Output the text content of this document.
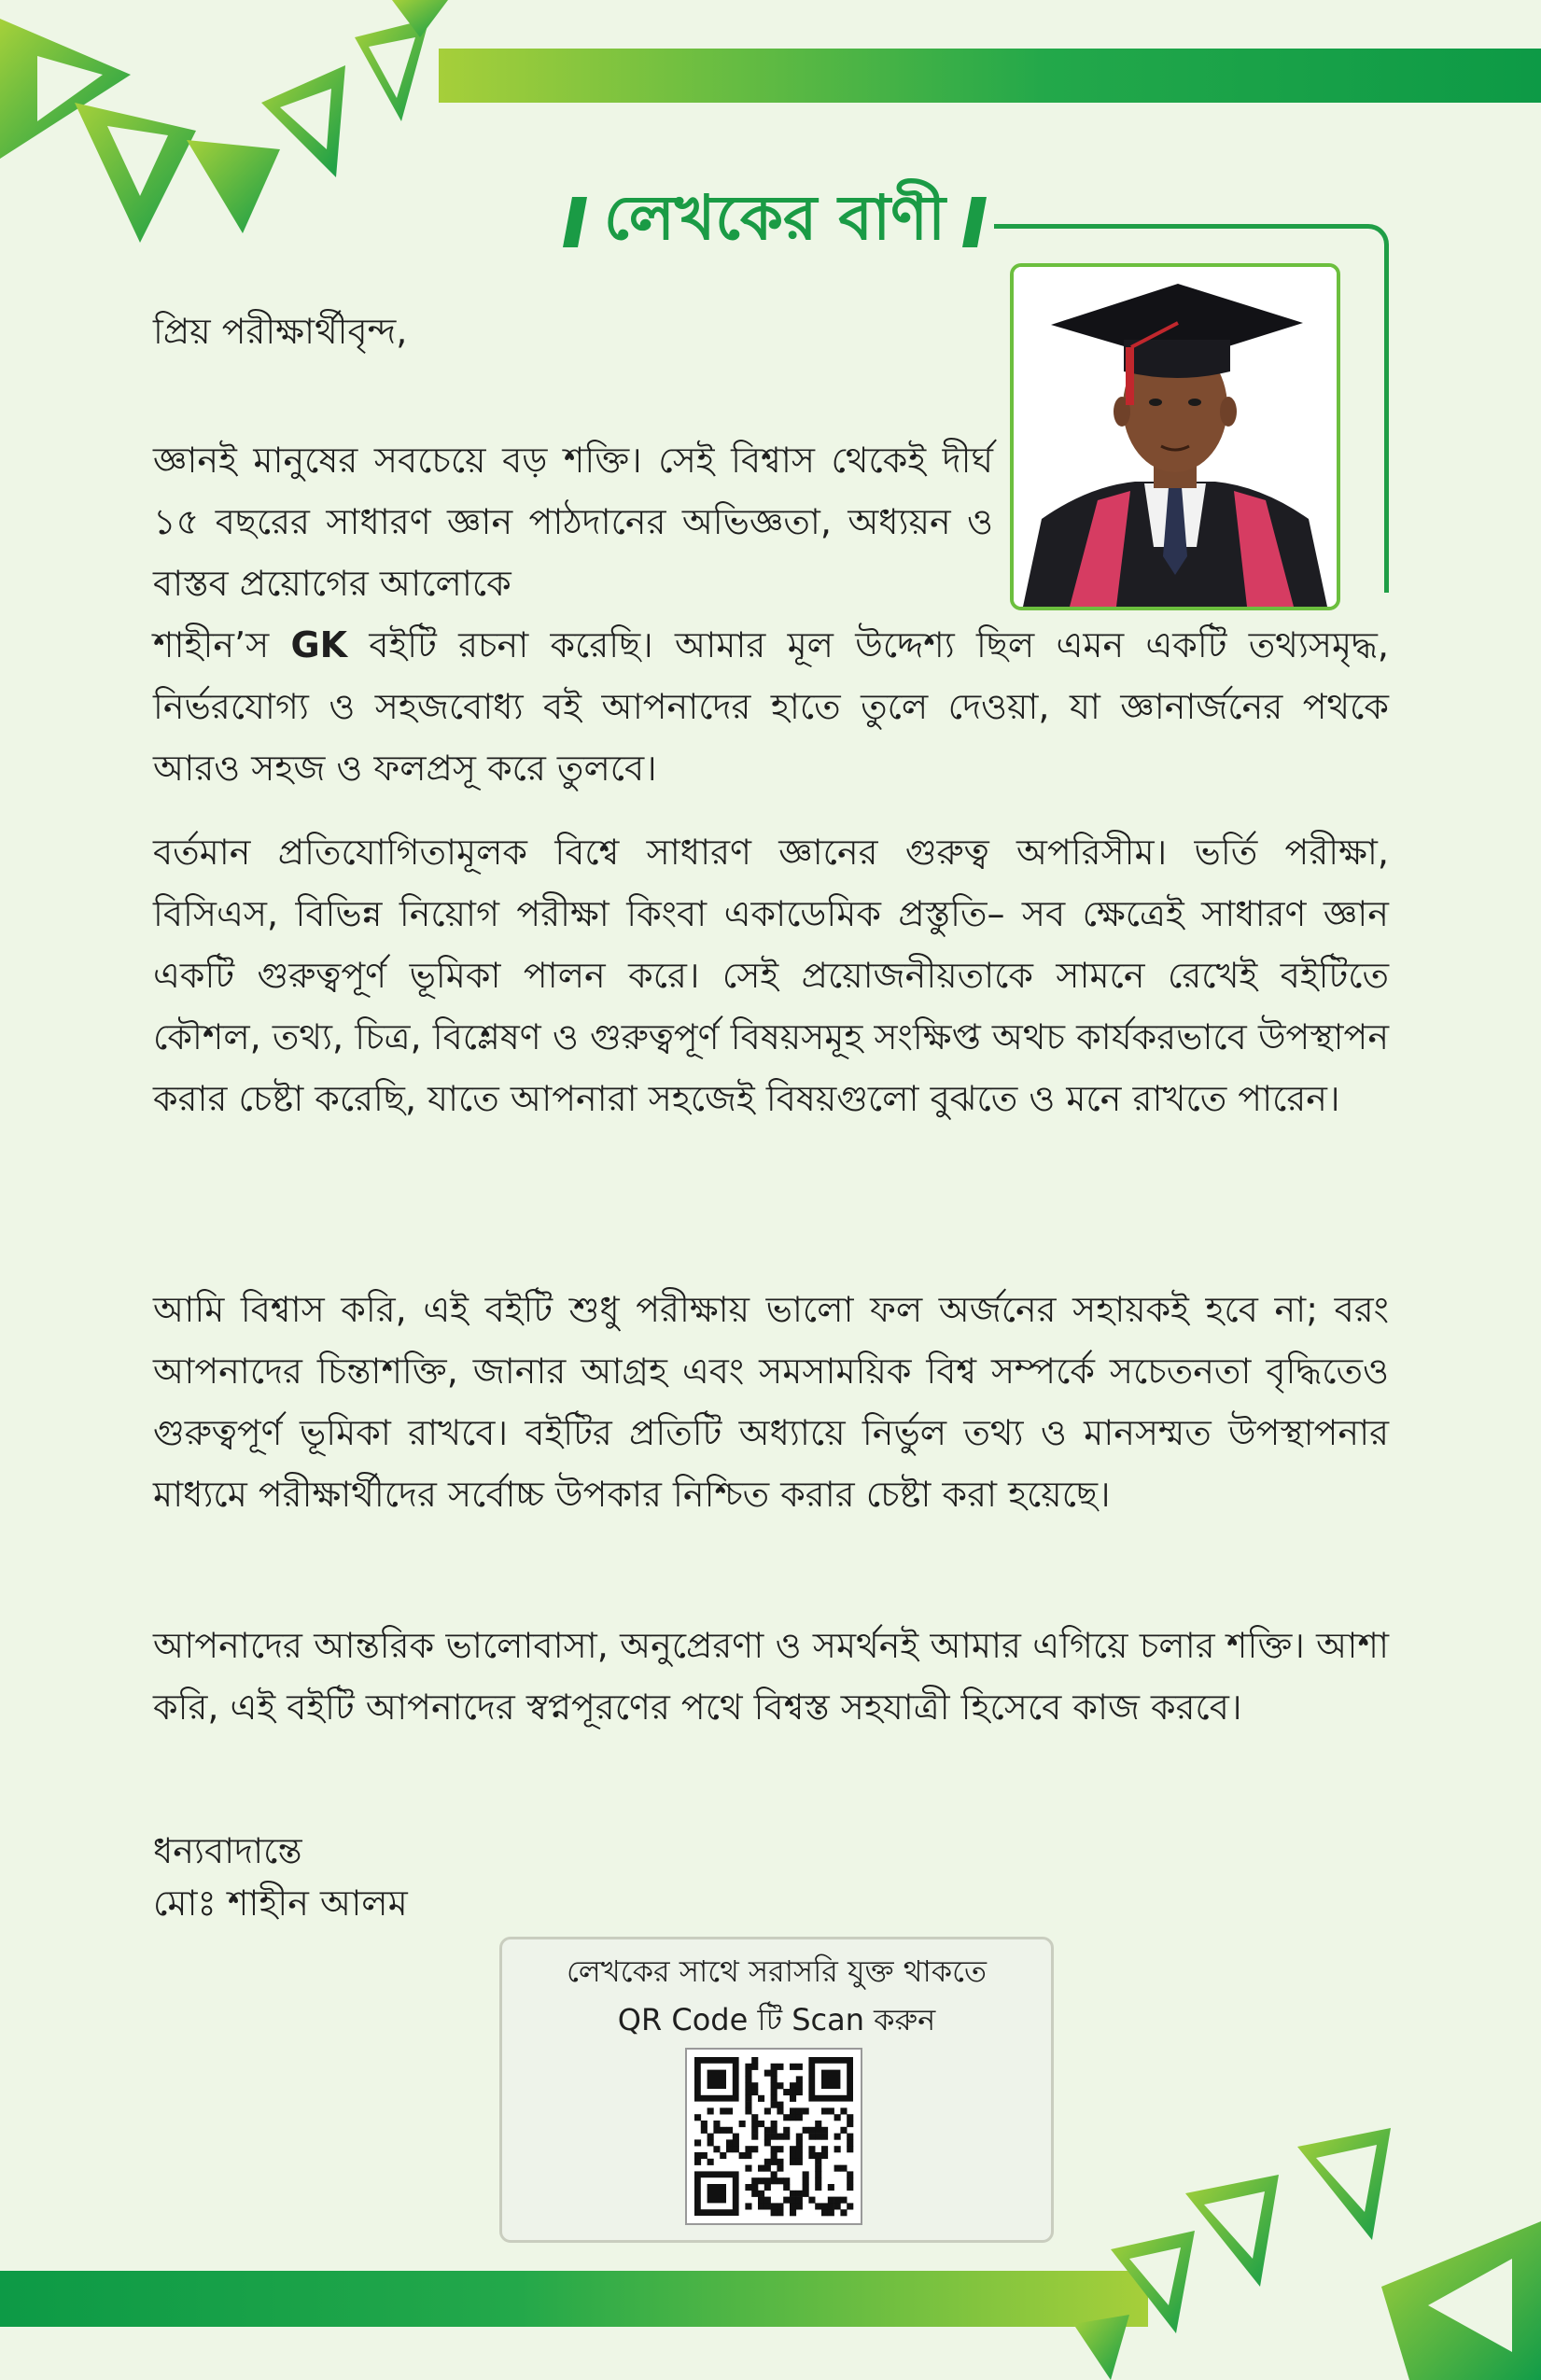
লেখকের বাণী

প্রিয় পরীক্ষার্থীবৃন্দ,

জ্ঞানই মানুষের সবচেয়ে বড় শক্তি। সেই বিশ্বাস থেকেই দীর্ঘ ১৫ বছরের সাধারণ জ্ঞান পাঠদানের অভিজ্ঞতা, অধ্যয়ন ও বাস্তব প্রয়োগের আলোকে

শাহীন’স GK বইটি রচনা করেছি। আমার মূল উদ্দেশ্য ছিল এমন একটি তথ্যসমৃদ্ধ, নির্ভরযোগ্য ও সহজবোধ্য বই আপনাদের হাতে তুলে দেওয়া, যা জ্ঞানার্জনের পথকে আরও সহজ ও ফলপ্রসূ করে তুলবে।

বর্তমান প্রতিযোগিতামূলক বিশ্বে সাধারণ জ্ঞানের গুরুত্ব অপরিসীম। ভর্তি পরীক্ষা, বিসিএস, বিভিন্ন নিয়োগ পরীক্ষা কিংবা একাডেমিক প্রস্তুতি– সব ক্ষেত্রেই সাধারণ জ্ঞান একটি গুরুত্বপূর্ণ ভূমিকা পালন করে। সেই প্রয়োজনীয়তাকে সামনে রেখেই বইটিতে কৌশল, তথ্য, চিত্র, বিশ্লেষণ ও গুরুত্বপূর্ণ বিষয়সমূহ সংক্ষিপ্ত অথচ কার্যকরভাবে উপস্থাপন করার চেষ্টা করেছি, যাতে আপনারা সহজেই বিষয়গুলো বুঝতে ও মনে রাখতে পারেন।

আমি বিশ্বাস করি, এই বইটি শুধু পরীক্ষায় ভালো ফল অর্জনের সহায়কই হবে না; বরং আপনাদের চিন্তাশক্তি, জানার আগ্রহ এবং সমসাময়িক বিশ্ব সম্পর্কে সচেতনতা বৃদ্ধিতেও গুরুত্বপূর্ণ ভূমিকা রাখবে। বইটির প্রতিটি অধ্যায়ে নির্ভুল তথ্য ও মানসম্মত উপস্থাপনার মাধ্যমে পরীক্ষার্থীদের সর্বোচ্চ উপকার নিশ্চিত করার চেষ্টা করা হয়েছে।

আপনাদের আন্তরিক ভালোবাসা, অনুপ্রেরণা ও সমর্থনই আমার এগিয়ে চলার শক্তি। আশা করি, এই বইটি আপনাদের স্বপ্নপূরণের পথে বিশ্বস্ত সহযাত্রী হিসেবে কাজ করবে।

ধন্যবাদান্তে
মোঃ শাহীন আলম

লেখকের সাথে সরাসরি যুক্ত থাকতে

QR Code টি Scan করুন
